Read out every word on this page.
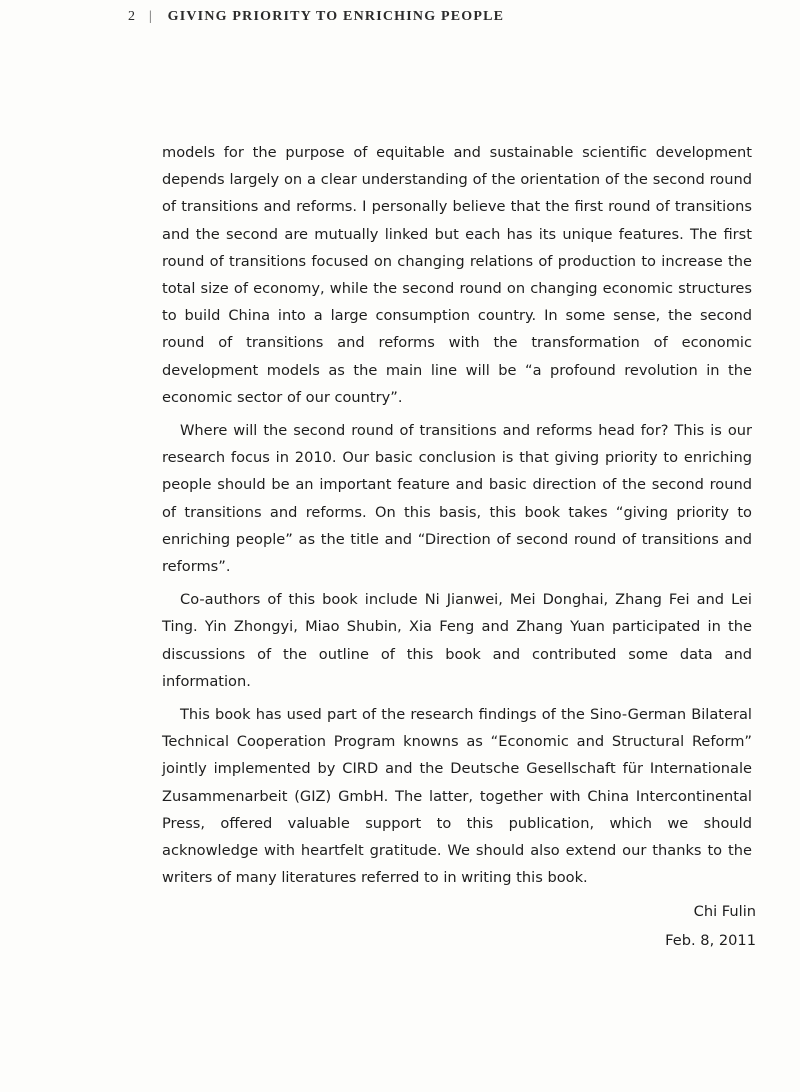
2 | GIVING PRIORITY TO ENRICHING PEOPLE

models for the purpose of equitable and sustainable scientific development depends largely on a clear understanding of the orientation of the second round of transitions and reforms. I personally believe that the first round of transitions and the second are mutually linked but each has its unique features. The first round of transitions focused on changing relations of production to increase the total size of economy, while the second round on changing economic structures to build China into a large consumption country. In some sense, the second round of transitions and reforms with the transformation of economic development models as the main line will be “a profound revolution in the economic sector of our country”.

Where will the second round of transitions and reforms head for? This is our research focus in 2010. Our basic conclusion is that giving priority to enriching people should be an important feature and basic direction of the second round of transitions and reforms. On this basis, this book takes “giving priority to enriching people” as the title and “Direction of second round of transitions and reforms”.

Co-authors of this book include Ni Jianwei, Mei Donghai, Zhang Fei and Lei Ting. Yin Zhongyi, Miao Shubin, Xia Feng and Zhang Yuan participated in the discussions of the outline of this book and contributed some data and information.

This book has used part of the research findings of the Sino-German Bilateral Technical Cooperation Program knowns as “Economic and Structural Reform” jointly implemented by CIRD and the Deutsche Gesellschaft für Internationale Zusammenarbeit (GIZ) GmbH. The latter, together with China Intercontinental Press, offered valuable support to this publication, which we should acknowledge with heartfelt gratitude. We should also extend our thanks to the writers of many literatures referred to in writing this book.

Chi Fulin
Feb. 8, 2011
